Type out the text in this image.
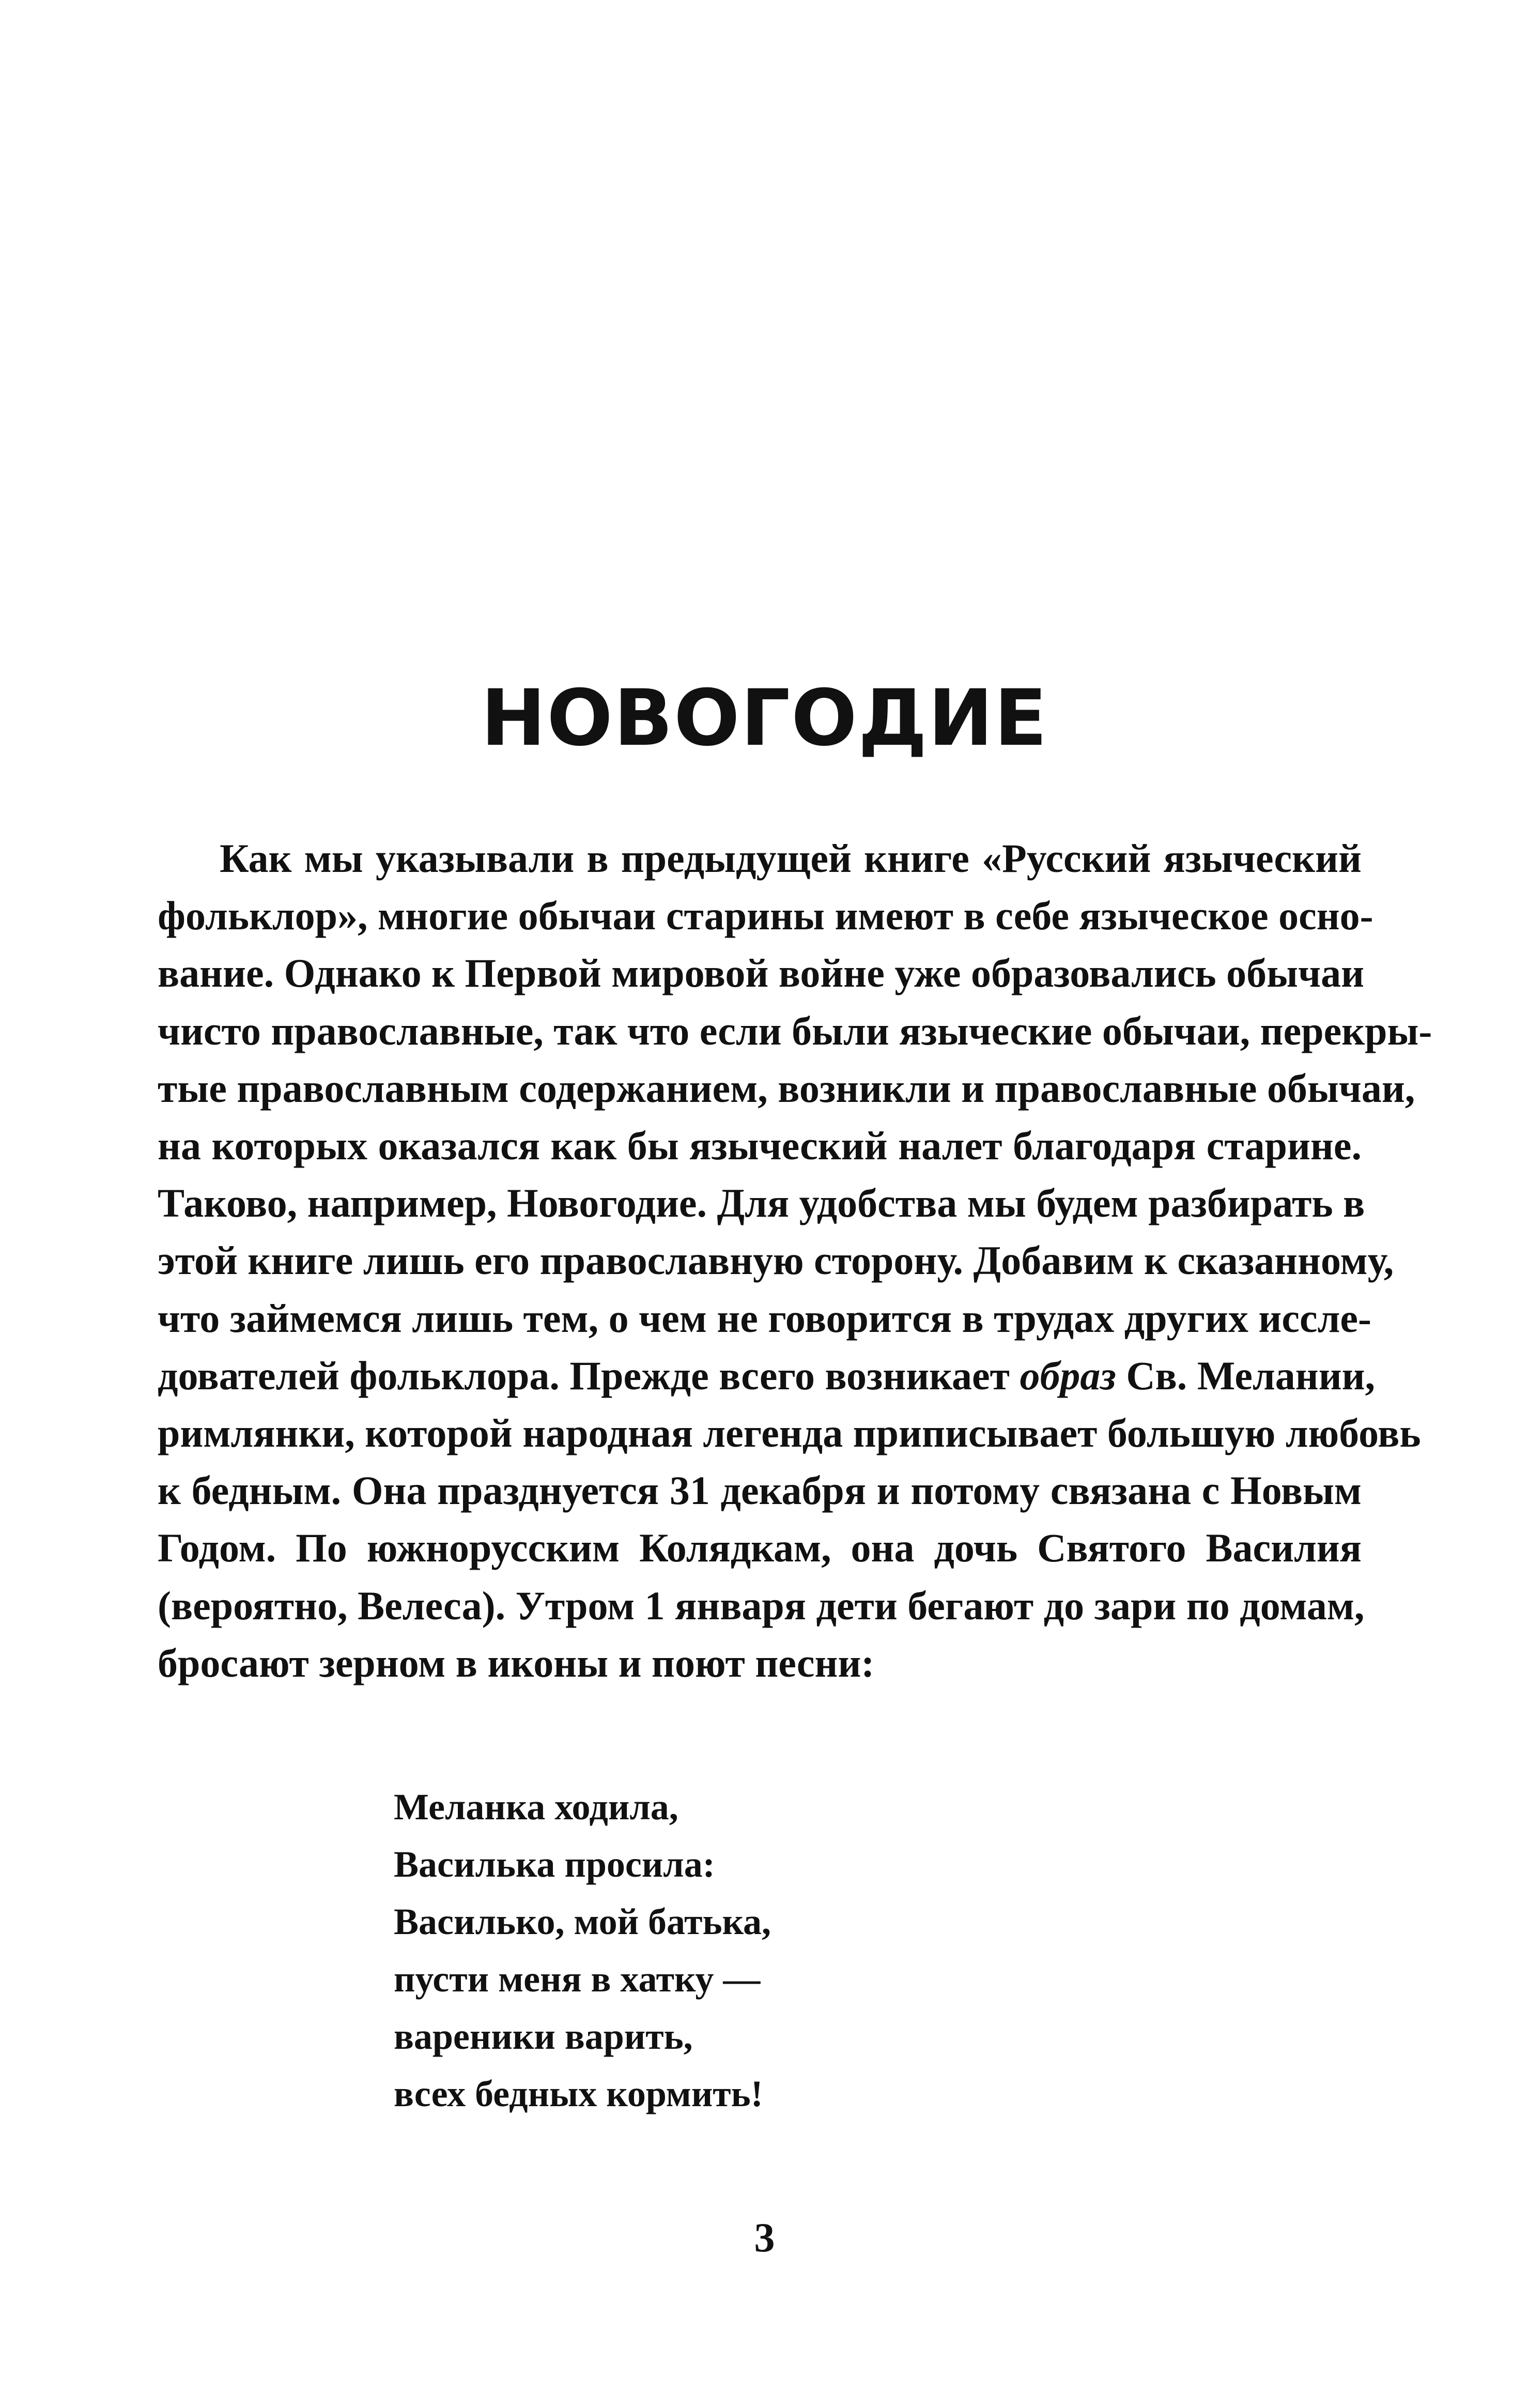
НОВОГОДИЕ
Как мы указывали в предыдущей книге «Русский языческий
фольклор», многие обычаи старины имеют в себе языческое осно-
вание. Однако к Первой мировой войне уже образовались обычаи
чисто православные, так что если были языческие обычаи, перекры-
тые православным содержанием, возникли и православные обычаи,
на которых оказался как бы языческий налет благодаря старине.
Таково, например, Новогодие. Для удобства мы будем разбирать в
этой книге лишь его православную сторону. Добавим к сказанному,
что займемся лишь тем, о чем не говорится в трудах других иссле-
дователей фольклора. Прежде всего возникает образ Св. Мелании,
римлянки, которой народная легенда приписывает большую любовь
к бедным. Она празднуется 31 декабря и потому связана с Новым
Годом. По южнорусским Колядкам, она дочь Святого Василия
(вероятно, Велеса). Утром 1 января дети бегают до зари по домам,
бросают зерном в иконы и поют песни:
Меланка ходила,
Василька просила:
Василько, мой батька,
пусти меня в хатку —
вареники варить,
всех бедных кормить!
3
